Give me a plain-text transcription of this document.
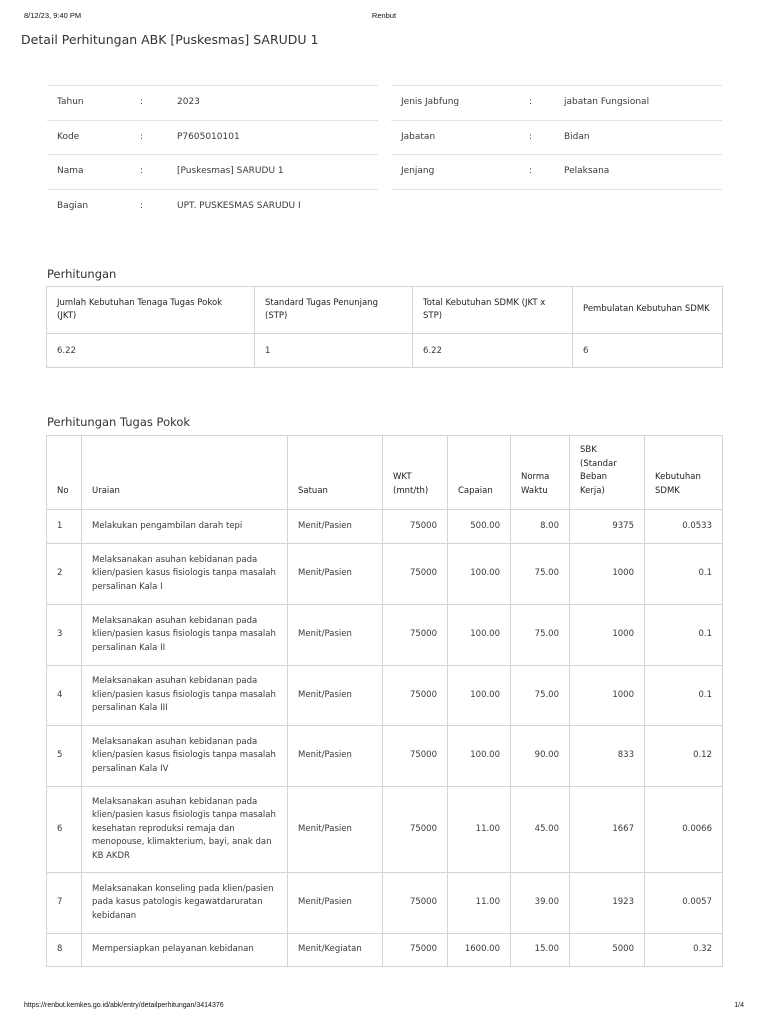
8/12/23, 9:40 PM	Renbut
Detail Perhitungan ABK [Puskesmas] SARUDU 1
Tahun	:	2023
Kode	:	P7605010101
Nama	:	[Puskesmas] SARUDU 1
Bagian	:	UPT. PUSKESMAS SARUDU I
Jenis Jabfung	:	jabatan Fungsional
Jabatan	:	Bidan
Jenjang	:	Pelaksana
Perhitungan
Jumlah Kebutuhan Tenaga Tugas Pokok (JKT)	Standard Tugas Penunjang (STP)	Total Kebutuhan SDMK (JKT x STP)	Pembulatan Kebutuhan SDMK
6.22	1	6.22	6
Perhitungan Tugas Pokok
No	Uraian	Satuan	WKT (mnt/th)	Capaian	Norma Waktu	SBK (Standar Beban Kerja)	Kebutuhan SDMK
1	Melakukan pengambilan darah tepi	Menit/Pasien	75000	500.00	8.00	9375	0.0533
2	Melaksanakan asuhan kebidanan pada klien/pasien kasus fisiologis tanpa masalah persalinan Kala I	Menit/Pasien	75000	100.00	75.00	1000	0.1
3	Melaksanakan asuhan kebidanan pada klien/pasien kasus fisiologis tanpa masalah persalinan Kala II	Menit/Pasien	75000	100.00	75.00	1000	0.1
4	Melaksanakan asuhan kebidanan pada klien/pasien kasus fisiologis tanpa masalah persalinan Kala III	Menit/Pasien	75000	100.00	75.00	1000	0.1
5	Melaksanakan asuhan kebidanan pada klien/pasien kasus fisiologis tanpa masalah persalinan Kala IV	Menit/Pasien	75000	100.00	90.00	833	0.12
6	Melaksanakan asuhan kebidanan pada klien/pasien kasus fisiologis tanpa masalah kesehatan reproduksi remaja dan menopouse, klimakterium, bayi, anak dan KB AKDR	Menit/Pasien	75000	11.00	45.00	1667	0.0066
7	Melaksanakan konseling pada klien/pasien pada kasus patologis kegawatdaruratan kebidanan	Menit/Pasien	75000	11.00	39.00	1923	0.0057
8	Mempersiapkan pelayanan kebidanan	Menit/Kegiatan	75000	1600.00	15.00	5000	0.32
https://renbut.kemkes.go.id/abk/entry/detailperhitungan/3414376	1/4
